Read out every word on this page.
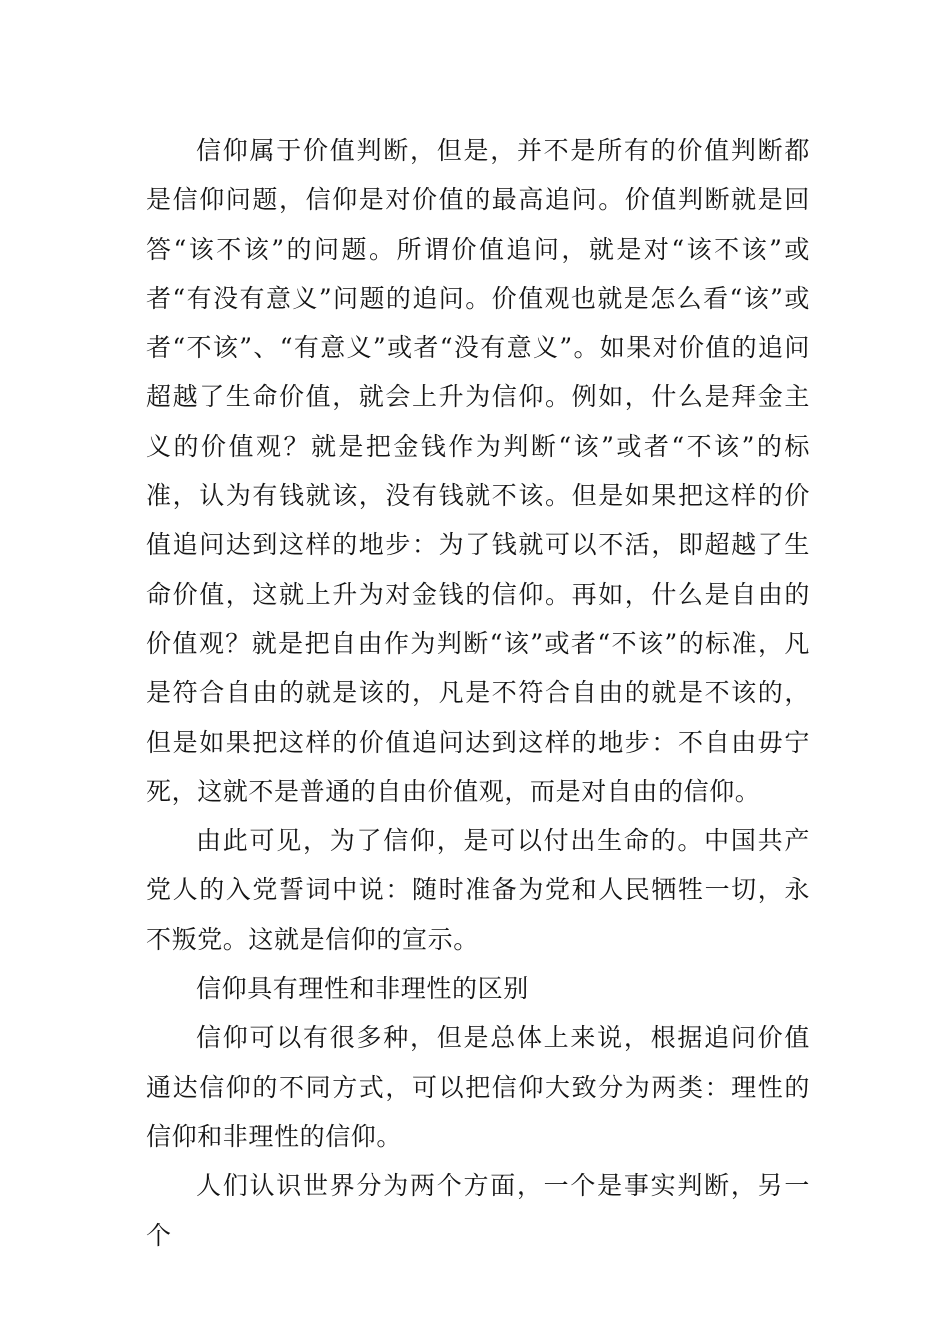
信仰属于价值判断，但是，并不是所有的价值判断都是信仰问题，信仰是对价值的最高追问。价值判断就是回答“该不该”的问题。所谓价值追问，就是对“该不该”或者“有没有意义”问题的追问。价值观也就是怎么看“该”或者“不该”、“有意义”或者“没有意义”。如果对价值的追问超越了生命价值，就会上升为信仰。例如，什么是拜金主义的价值观？就是把金钱作为判断“该”或者“不该”的标准，认为有钱就该，没有钱就不该。但是如果把这样的价值追问达到这样的地步：为了钱就可以不活，即超越了生命价值，这就上升为对金钱的信仰。再如，什么是自由的价值观？就是把自由作为判断“该”或者“不该”的标准，凡是符合自由的就是该的，凡是不符合自由的就是不该的，但是如果把这样的价值追问达到这样的地步：不自由毋宁死，这就不是普通的自由价值观，而是对自由的信仰。

由此可见，为了信仰，是可以付出生命的。中国共产党人的入党誓词中说：随时准备为党和人民牺牲一切，永不叛党。这就是信仰的宣示。

信仰具有理性和非理性的区别

信仰可以有很多种，但是总体上来说，根据追问价值通达信仰的不同方式，可以把信仰大致分为两类：理性的信仰和非理性的信仰。

人们认识世界分为两个方面，一个是事实判断，另一个
